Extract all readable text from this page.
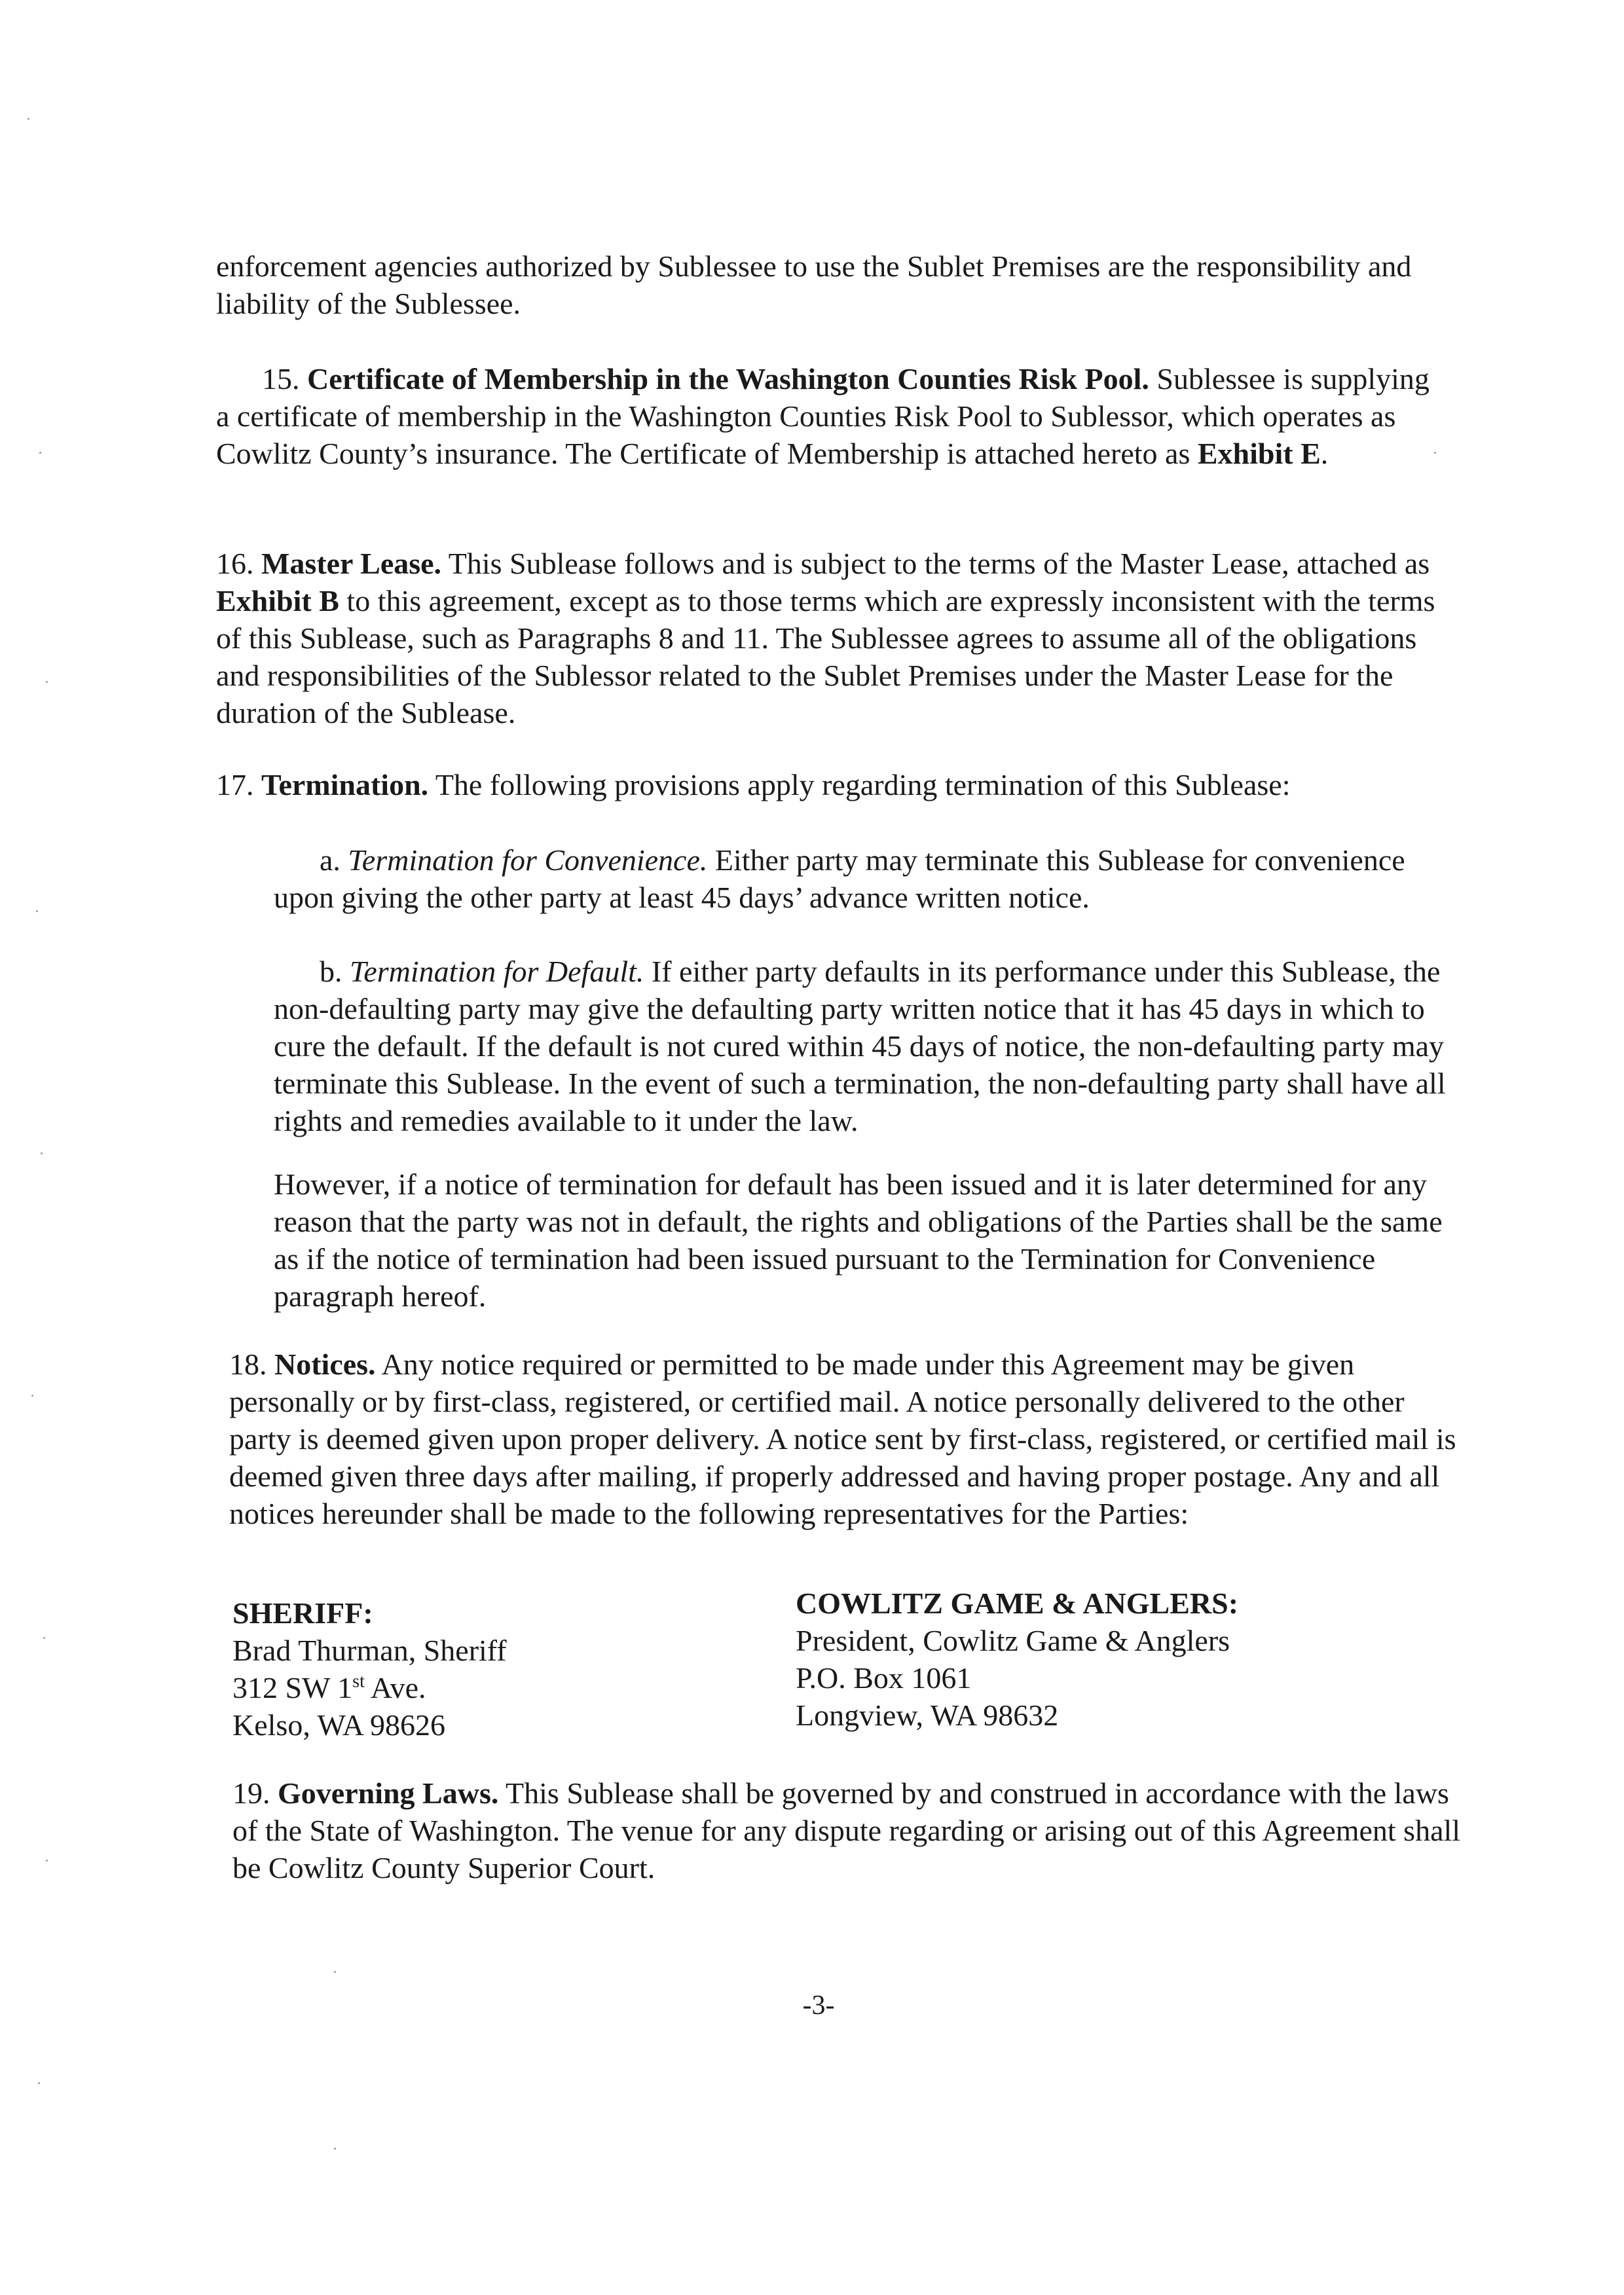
enforcement agencies authorized by Sublessee to use the Sublet Premises are the responsibility and liability of the Sublessee.

15. Certificate of Membership in the Washington Counties Risk Pool. Sublessee is supplying a certificate of membership in the Washington Counties Risk Pool to Sublessor, which operates as Cowlitz County’s insurance. The Certificate of Membership is attached hereto as Exhibit E.

16. Master Lease. This Sublease follows and is subject to the terms of the Master Lease, attached as Exhibit B to this agreement, except as to those terms which are expressly inconsistent with the terms of this Sublease, such as Paragraphs 8 and 11. The Sublessee agrees to assume all of the obligations and responsibilities of the Sublessor related to the Sublet Premises under the Master Lease for the duration of the Sublease.

17. Termination. The following provisions apply regarding termination of this Sublease:

a. Termination for Convenience. Either party may terminate this Sublease for convenience upon giving the other party at least 45 days’ advance written notice.

b. Termination for Default. If either party defaults in its performance under this Sublease, the non-defaulting party may give the defaulting party written notice that it has 45 days in which to cure the default. If the default is not cured within 45 days of notice, the non-defaulting party may terminate this Sublease. In the event of such a termination, the non-defaulting party shall have all rights and remedies available to it under the law.

However, if a notice of termination for default has been issued and it is later determined for any reason that the party was not in default, the rights and obligations of the Parties shall be the same as if the notice of termination had been issued pursuant to the Termination for Convenience paragraph hereof.

18. Notices. Any notice required or permitted to be made under this Agreement may be given personally or by first-class, registered, or certified mail. A notice personally delivered to the other party is deemed given upon proper delivery. A notice sent by first-class, registered, or certified mail is deemed given three days after mailing, if properly addressed and having proper postage. Any and all notices hereunder shall be made to the following representatives for the Parties:

SHERIFF:
Brad Thurman, Sheriff
312 SW 1st Ave.
Kelso, WA 98626
COWLITZ GAME & ANGLERS:
President, Cowlitz Game & Anglers
P.O. Box 1061
Longview, WA 98632

19. Governing Laws. This Sublease shall be governed by and construed in accordance with the laws of the State of Washington. The venue for any dispute regarding or arising out of this Agreement shall be Cowlitz County Superior Court.

-3-
